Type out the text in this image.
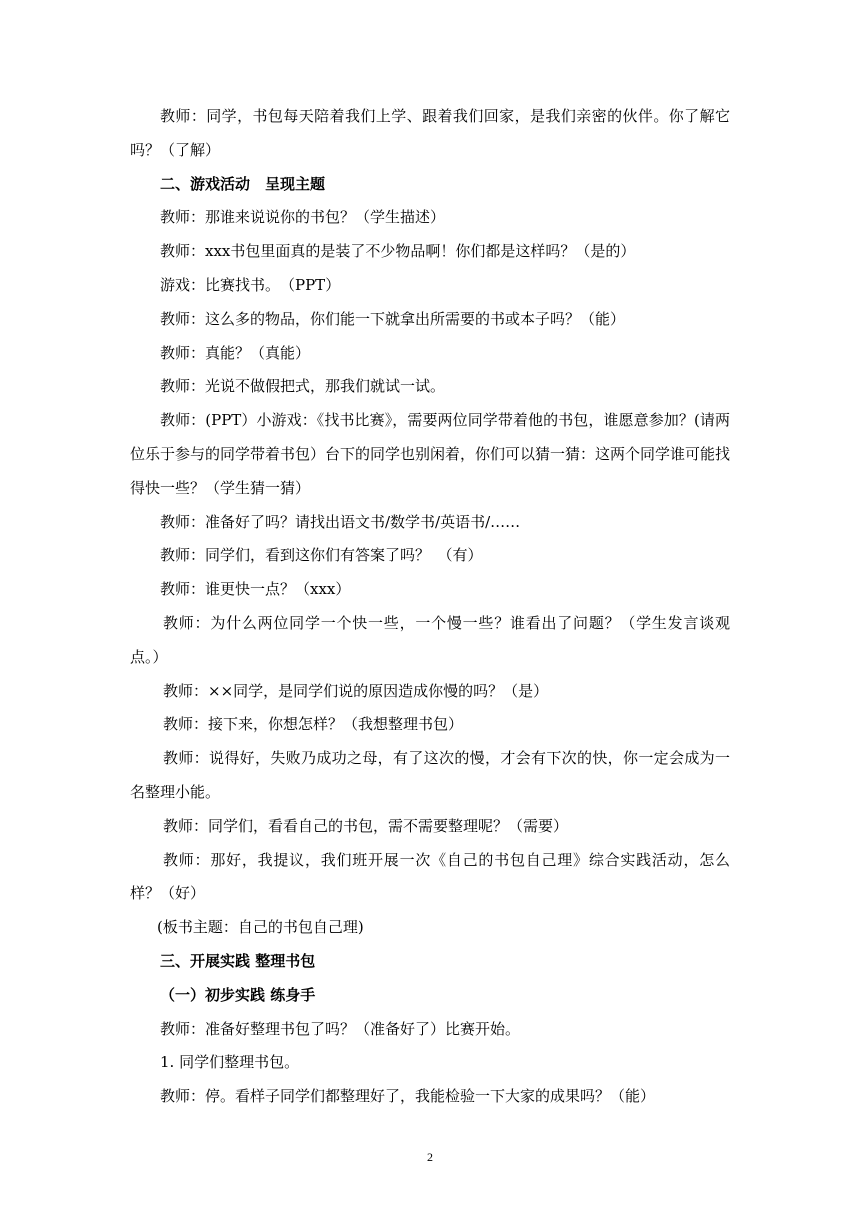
教师：同学，书包每天陪着我们上学、跟着我们回家，是我们亲密的伙伴。你了解它吗？（了解）

二、游戏活动　呈现主题

教师：那谁来说说你的书包？（学生描述）

教师：xxx书包里面真的是装了不少物品啊！你们都是这样吗？（是的）

游戏：比赛找书。　（PPT）

教师：这么多的物品，你们能一下就拿出所需要的书或本子吗？（能）

教师：真能？（真能）

教师：光说不做假把式，那我们就试一试。

教师：(PPT）小游戏：《找书比赛》，需要两位同学带着他的书包，谁愿意参加？(请两位乐于参与的同学带着书包）台下的同学也别闲着，你们可以猜一猜：这两个同学谁可能找得快一些？（学生猜一猜）

教师：准备好了吗？请找出语文书/数学书/英语书/……

教师：同学们，看到这你们有答案了吗？　（有）

教师：谁更快一点？（xxx）

教师：为什么两位同学一个快一些，一个慢一些？谁看出了问题？（学生发言谈观点。）

教师：××同学，是同学们说的原因造成你慢的吗？（是）

教师：接下来，你想怎样？（我想整理书包）

教师：说得好，失败乃成功之母，有了这次的慢，才会有下次的快，你一定会成为一名整理小能。

教师：同学们，看看自己的书包，需不需要整理呢？（需要）

教师：那好，我提议，我们班开展一次《自己的书包自己理》综合实践活动，怎么样？（好）

(板书主题：自己的书包自己理)

三、开展实践 整理书包

（一）初步实践 练身手

教师：准备好整理书包了吗？（准备好了）比赛开始。

1. 同学们整理书包。

教师：停。看样子同学们都整理好了，我能检验一下大家的成果吗？（能）

2
